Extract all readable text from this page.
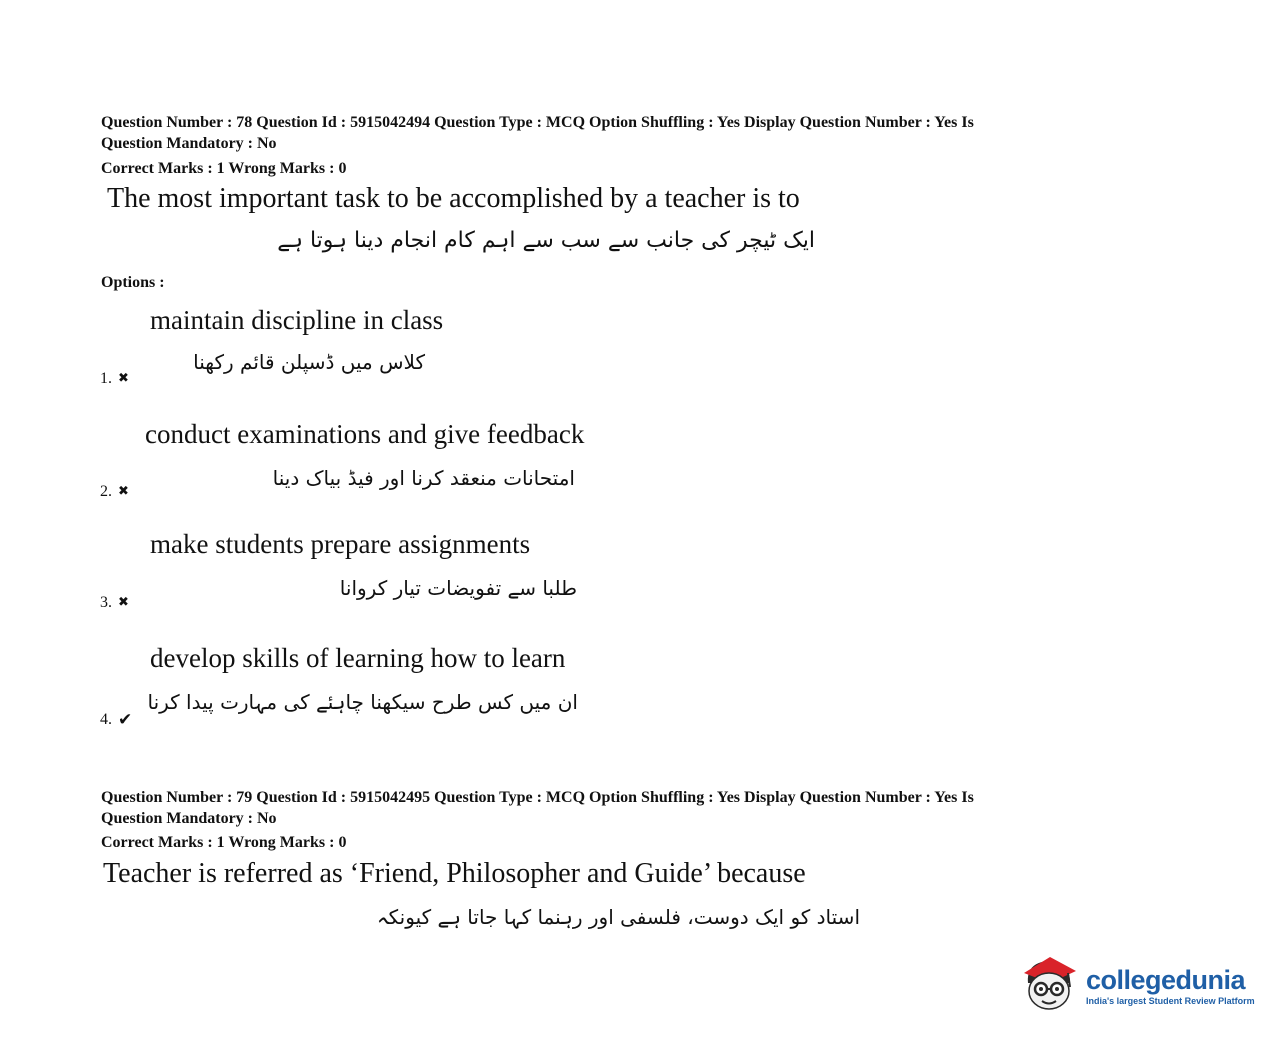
Question Number : 78 Question Id : 5915042494 Question Type : MCQ Option Shuffling : Yes Display Question Number : Yes Is
Question Mandatory : No
Correct Marks : 1 Wrong Marks : 0
The most important task to be accomplished by a teacher is to
ایک ٹیچر کی جانب سے سب سے اہم کام انجام دینا ہوتا ہے
Options :
maintain discipline in class
کلاس میں ڈسپلن قائم رکھنا
1. ✖
conduct examinations and give feedback
امتحانات منعقد کرنا اور فیڈ بیاک دینا
2. ✖
make students prepare assignments
طلبا سے تفویضات تیار کروانا
3. ✖
develop skills of learning how to learn
ان میں کس طرح سیکھنا چاہئے کی مہارت پیدا کرنا
4. ✔
Question Number : 79 Question Id : 5915042495 Question Type : MCQ Option Shuffling : Yes Display Question Number : Yes Is
Question Mandatory : No
Correct Marks : 1 Wrong Marks : 0
Teacher is referred as ‘Friend, Philosopher and Guide’ because
استاد کو ایک دوست، فلسفی اور رہنما کہا جاتا ہے کیونکہ
collegedunia
India's largest Student Review Platform
